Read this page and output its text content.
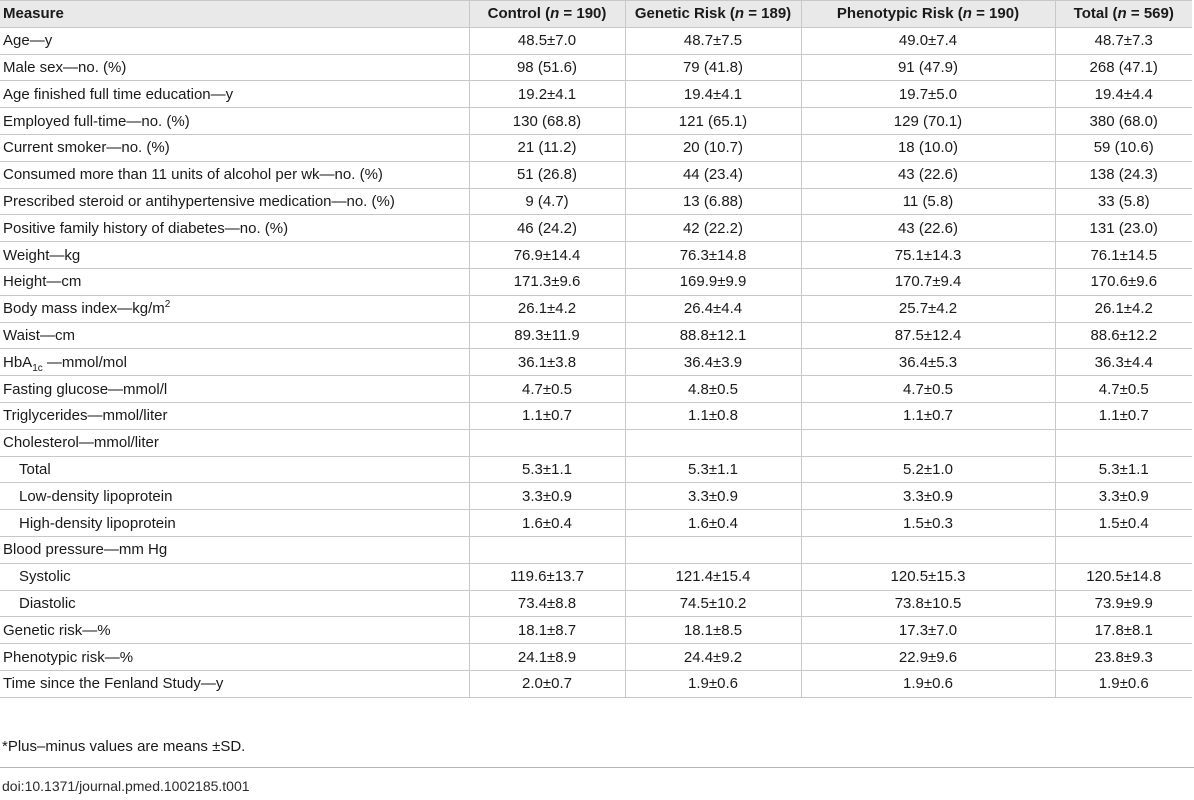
Measure	Control (n = 190)	Genetic Risk (n = 189)	Phenotypic Risk (n = 190)	Total (n = 569)
Age—y	48.5±7.0	48.7±7.5	49.0±7.4	48.7±7.3
Male sex—no. (%)	98 (51.6)	79 (41.8)	91 (47.9)	268 (47.1)
Age finished full time education—y	19.2±4.1	19.4±4.1	19.7±5.0	19.4±4.4
Employed full-time—no. (%)	130 (68.8)	121 (65.1)	129 (70.1)	380 (68.0)
Current smoker—no. (%)	21 (11.2)	20 (10.7)	18 (10.0)	59 (10.6)
Consumed more than 11 units of alcohol per wk—no. (%)	51 (26.8)	44 (23.4)	43 (22.6)	138 (24.3)
Prescribed steroid or antihypertensive medication—no. (%)	9 (4.7)	13 (6.88)	11 (5.8)	33 (5.8)
Positive family history of diabetes—no. (%)	46 (24.2)	42 (22.2)	43 (22.6)	131 (23.0)
Weight—kg	76.9±14.4	76.3±14.8	75.1±14.3	76.1±14.5
Height—cm	171.3±9.6	169.9±9.9	170.7±9.4	170.6±9.6
Body mass $index—kg/m^2$	26.1±4.2	26.4±4.4	25.7±4.2	26.1±4.2
Waist—cm	89.3±11.9	88.8±12.1	87.5±12.4	88.6±12.2
HbA$_{1c}$ —mmol/mol	36.1±3.8	36.4±3.9	36.4±5.3	36.3±4.4
Fasting glucose—mmol/l	4.7±0.5	4.8±0.5	4.7±0.5	4.7±0.5
Triglycerides—mmol/liter	1.1±0.7	1.1±0.8	1.1±0.7	1.1±0.7
Cholesterol—mmol/liter				
Total	5.3±1.1	5.3±1.1	5.2±1.0	5.3±1.1
Low-density lipoprotein	3.3±0.9	3.3±0.9	3.3±0.9	3.3±0.9
High-density lipoprotein	1.6±0.4	1.6±0.4	1.5±0.3	1.5±0.4
Blood pressure—mm Hg				
Systolic	119.6±13.7	121.4±15.4	120.5±15.3	120.5±14.8
Diastolic	73.4±8.8	74.5±10.2	73.8±10.5	73.9±9.9
Genetic risk—%	18.1±8.7	18.1±8.5	17.3±7.0	17.8±8.1
Phenotypic risk—%	24.1±8.9	24.4±9.2	22.9±9.6	23.8±9.3
Time since the Fenland Study—y	2.0±0.7	1.9±0.6	1.9±0.6	1.9±0.6
*Plus–minus values are means ±SD.
doi:10.1371/journal.pmed.1002185.t001
